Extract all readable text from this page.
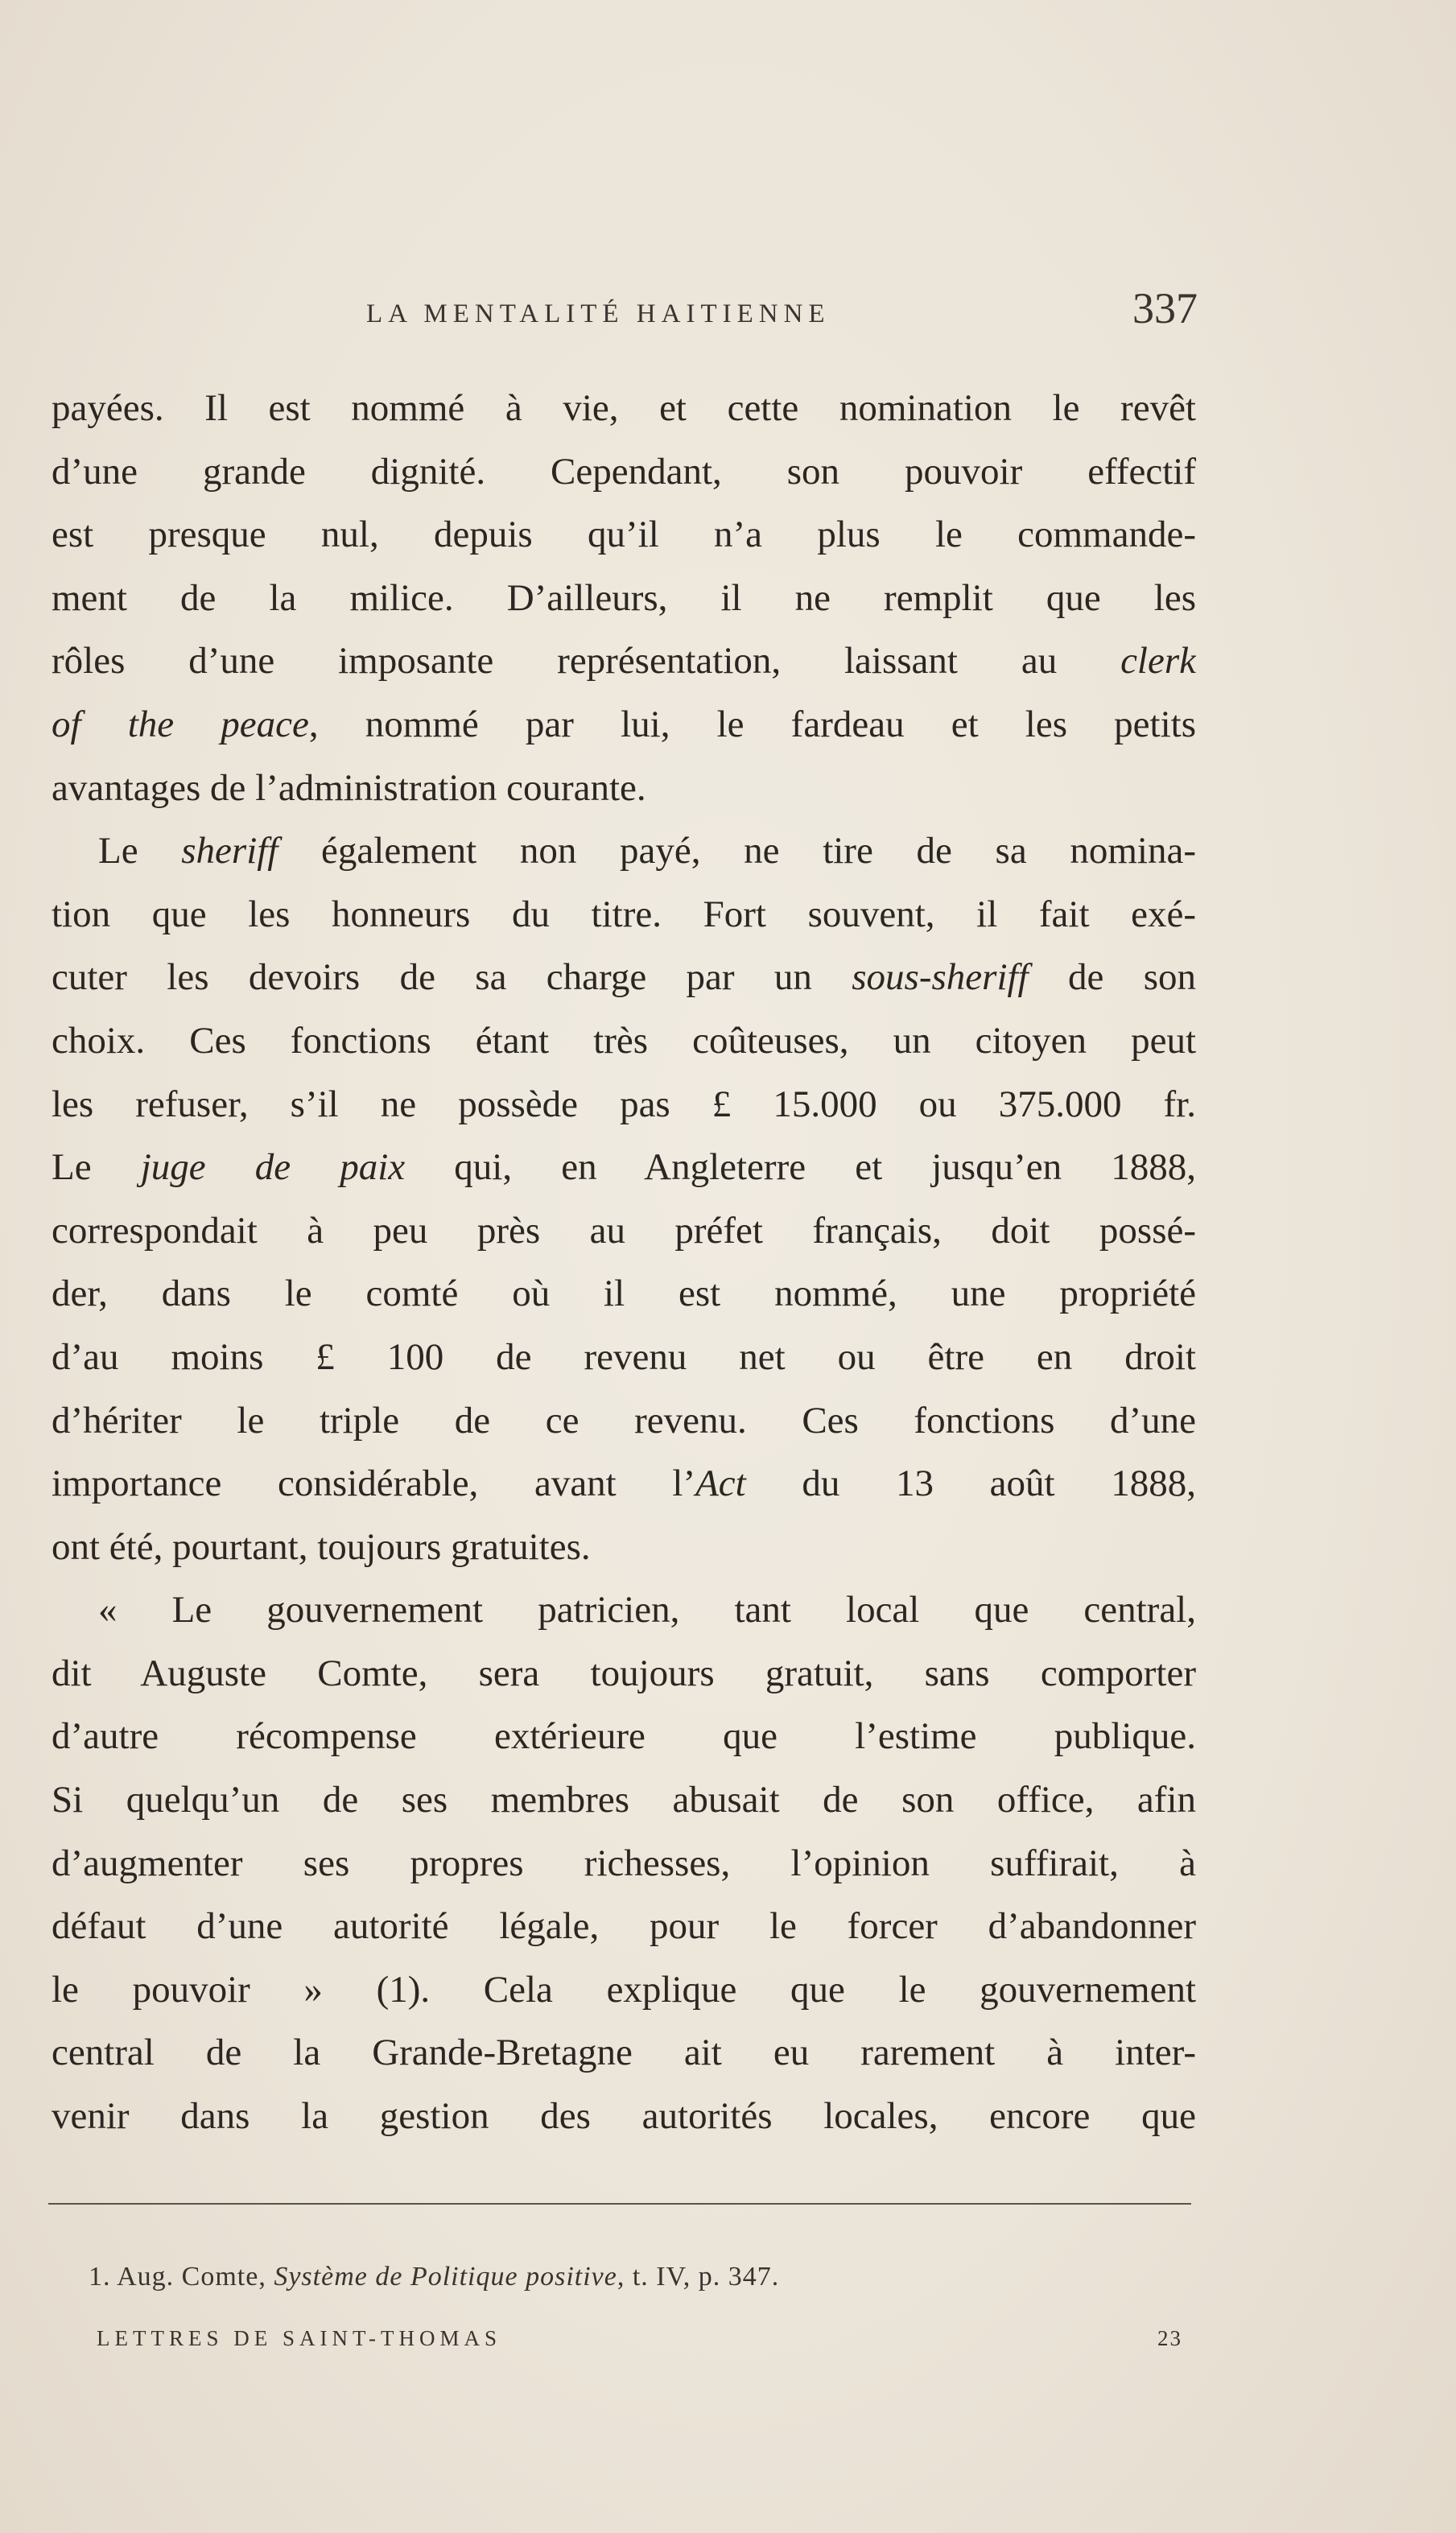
LA MENTALITÉ HAITIENNE	337
payées. Il est nommé à vie, et cette nomination le revêt
d’une grande dignité. Cependant, son pouvoir effectif
est presque nul, depuis qu’il n’a plus le commande-
ment de la milice. D’ailleurs, il ne remplit que les
rôles d’une imposante représentation, laissant au clerk
of the peace, nommé par lui, le fardeau et les petits
avantages de l’administration courante.
Le sheriff également non payé, ne tire de sa nomina-
tion que les honneurs du titre. Fort souvent, il fait exé-
cuter les devoirs de sa charge par un sous-sheriff de son
choix. Ces fonctions étant très coûteuses, un citoyen peut
les refuser, s’il ne possède pas £ 15.000 ou 375.000 fr.
Le juge de paix qui, en Angleterre et jusqu’en 1888,
correspondait à peu près au préfet français, doit possé-
der, dans le comté où il est nommé, une propriété
d’au moins £ 100 de revenu net ou être en droit
d’hériter le triple de ce revenu. Ces fonctions d’une
importance considérable, avant l’Act du 13 août 1888,
ont été, pourtant, toujours gratuites.
« Le gouvernement patricien, tant local que central,
dit Auguste Comte, sera toujours gratuit, sans comporter
d’autre récompense extérieure que l’estime publique.
Si quelqu’un de ses membres abusait de son office, afin
d’augmenter ses propres richesses, l’opinion suffirait, à
défaut d’une autorité légale, pour le forcer d’abandonner
le pouvoir » (1). Cela explique que le gouvernement
central de la Grande-Bretagne ait eu rarement à inter-
venir dans la gestion des autorités locales, encore que
1. Aug. Comte, Système de Politique positive, t. IV, p. 347.
LETTRES DE SAINT-THOMAS	23
